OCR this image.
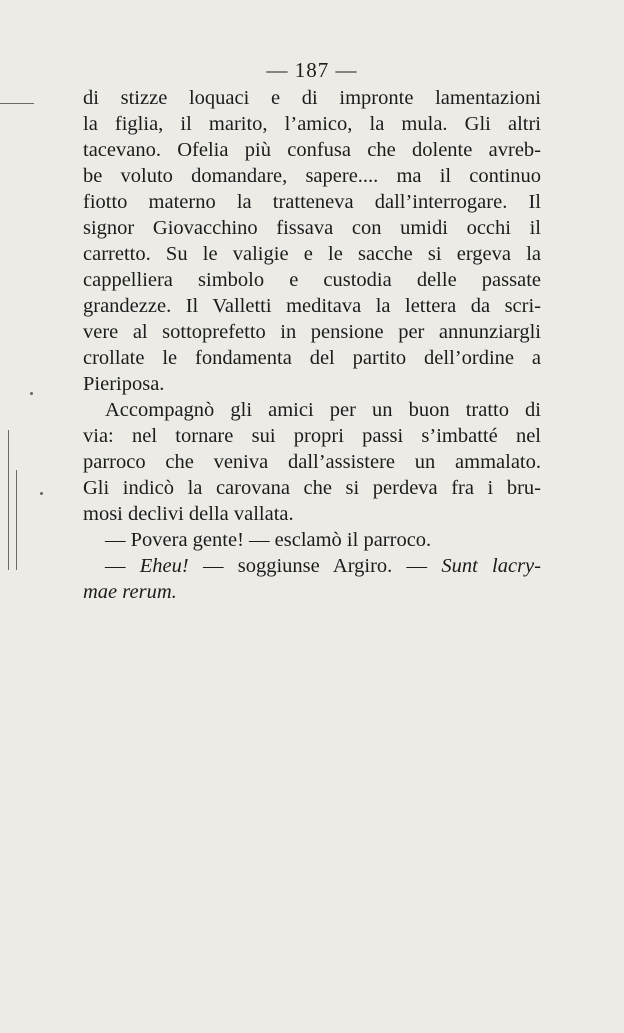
— 187 —
di stizze loquaci e di impronte lamentazioni
la figlia, il marito, l’amico, la mula. Gli altri
tacevano. Ofelia più confusa che dolente avreb-
be voluto domandare, sapere.... ma il continuo
fiotto materno la tratteneva dall’interrogare. Il
signor Giovacchino fissava con umidi occhi il
carretto. Su le valigie e le sacche si ergeva la
cappelliera simbolo e custodia delle passate
grandezze. Il Valletti meditava la lettera da scri-
vere al sottoprefetto in pensione per annunziargli
crollate le fondamenta del partito dell’ordine a
Pieriposa.
Accompagnò gli amici per un buon tratto di
via: nel tornare sui propri passi s’imbatté nel
parroco che veniva dall’assistere un ammalato.
Gli indicò la carovana che si perdeva fra i bru-
mosi declivi della vallata.
— Povera gente! — esclamò il parroco.
— Eheu! — soggiunse Argiro. — Sunt lacry-
mae rerum.
